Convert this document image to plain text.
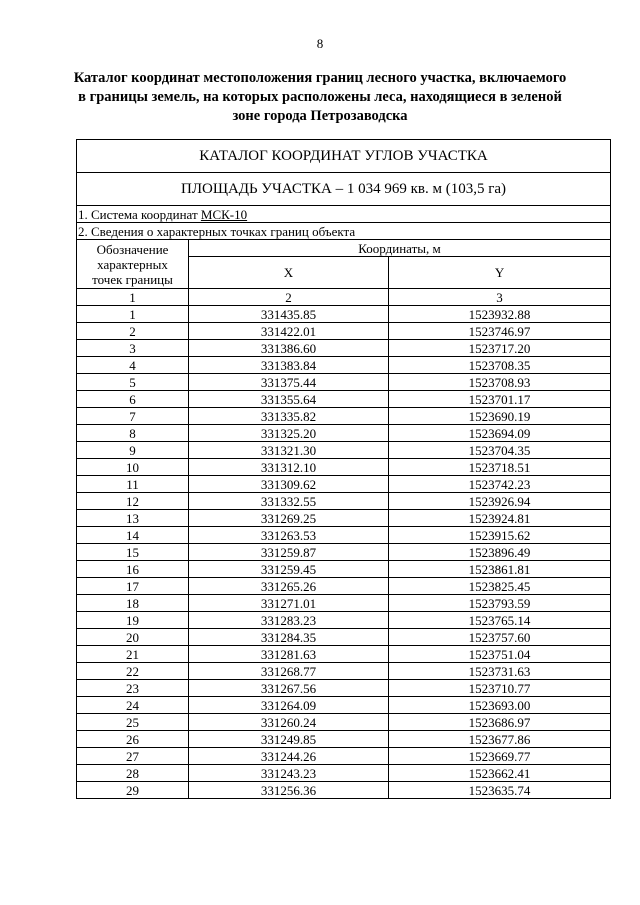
8
Каталог координат местоположения границ лесного участка, включаемого
в границы земель, на которых расположены леса, находящиеся в зеленой
зоне города Петрозаводска
КАТАЛОГ КООРДИНАТ УГЛОВ УЧАСТКА		
ПЛОЩАДЬ УЧАСТКА – 1 034 969 кв. м (103,5 га)		
1. Система координат МСК-10		
2. Сведения о характерных точках границ объекта		

Обозначение
характерных
точек границы	Координаты, м	
	X	Y
1	2	3
1	331435.85	1523932.88
2	331422.01	1523746.97
3	331386.60	1523717.20
4	331383.84	1523708.35
5	331375.44	1523708.93
6	331355.64	1523701.17
7	331335.82	1523690.19
8	331325.20	1523694.09
9	331321.30	1523704.35
10	331312.10	1523718.51
11	331309.62	1523742.23
12	331332.55	1523926.94
13	331269.25	1523924.81
14	331263.53	1523915.62
15	331259.87	1523896.49
16	331259.45	1523861.81
17	331265.26	1523825.45
18	331271.01	1523793.59
19	331283.23	1523765.14
20	331284.35	1523757.60
21	331281.63	1523751.04
22	331268.77	1523731.63
23	331267.56	1523710.77
24	331264.09	1523693.00
25	331260.24	1523686.97
26	331249.85	1523677.86
27	331244.26	1523669.77
28	331243.23	1523662.41
29	331256.36	1523635.74
